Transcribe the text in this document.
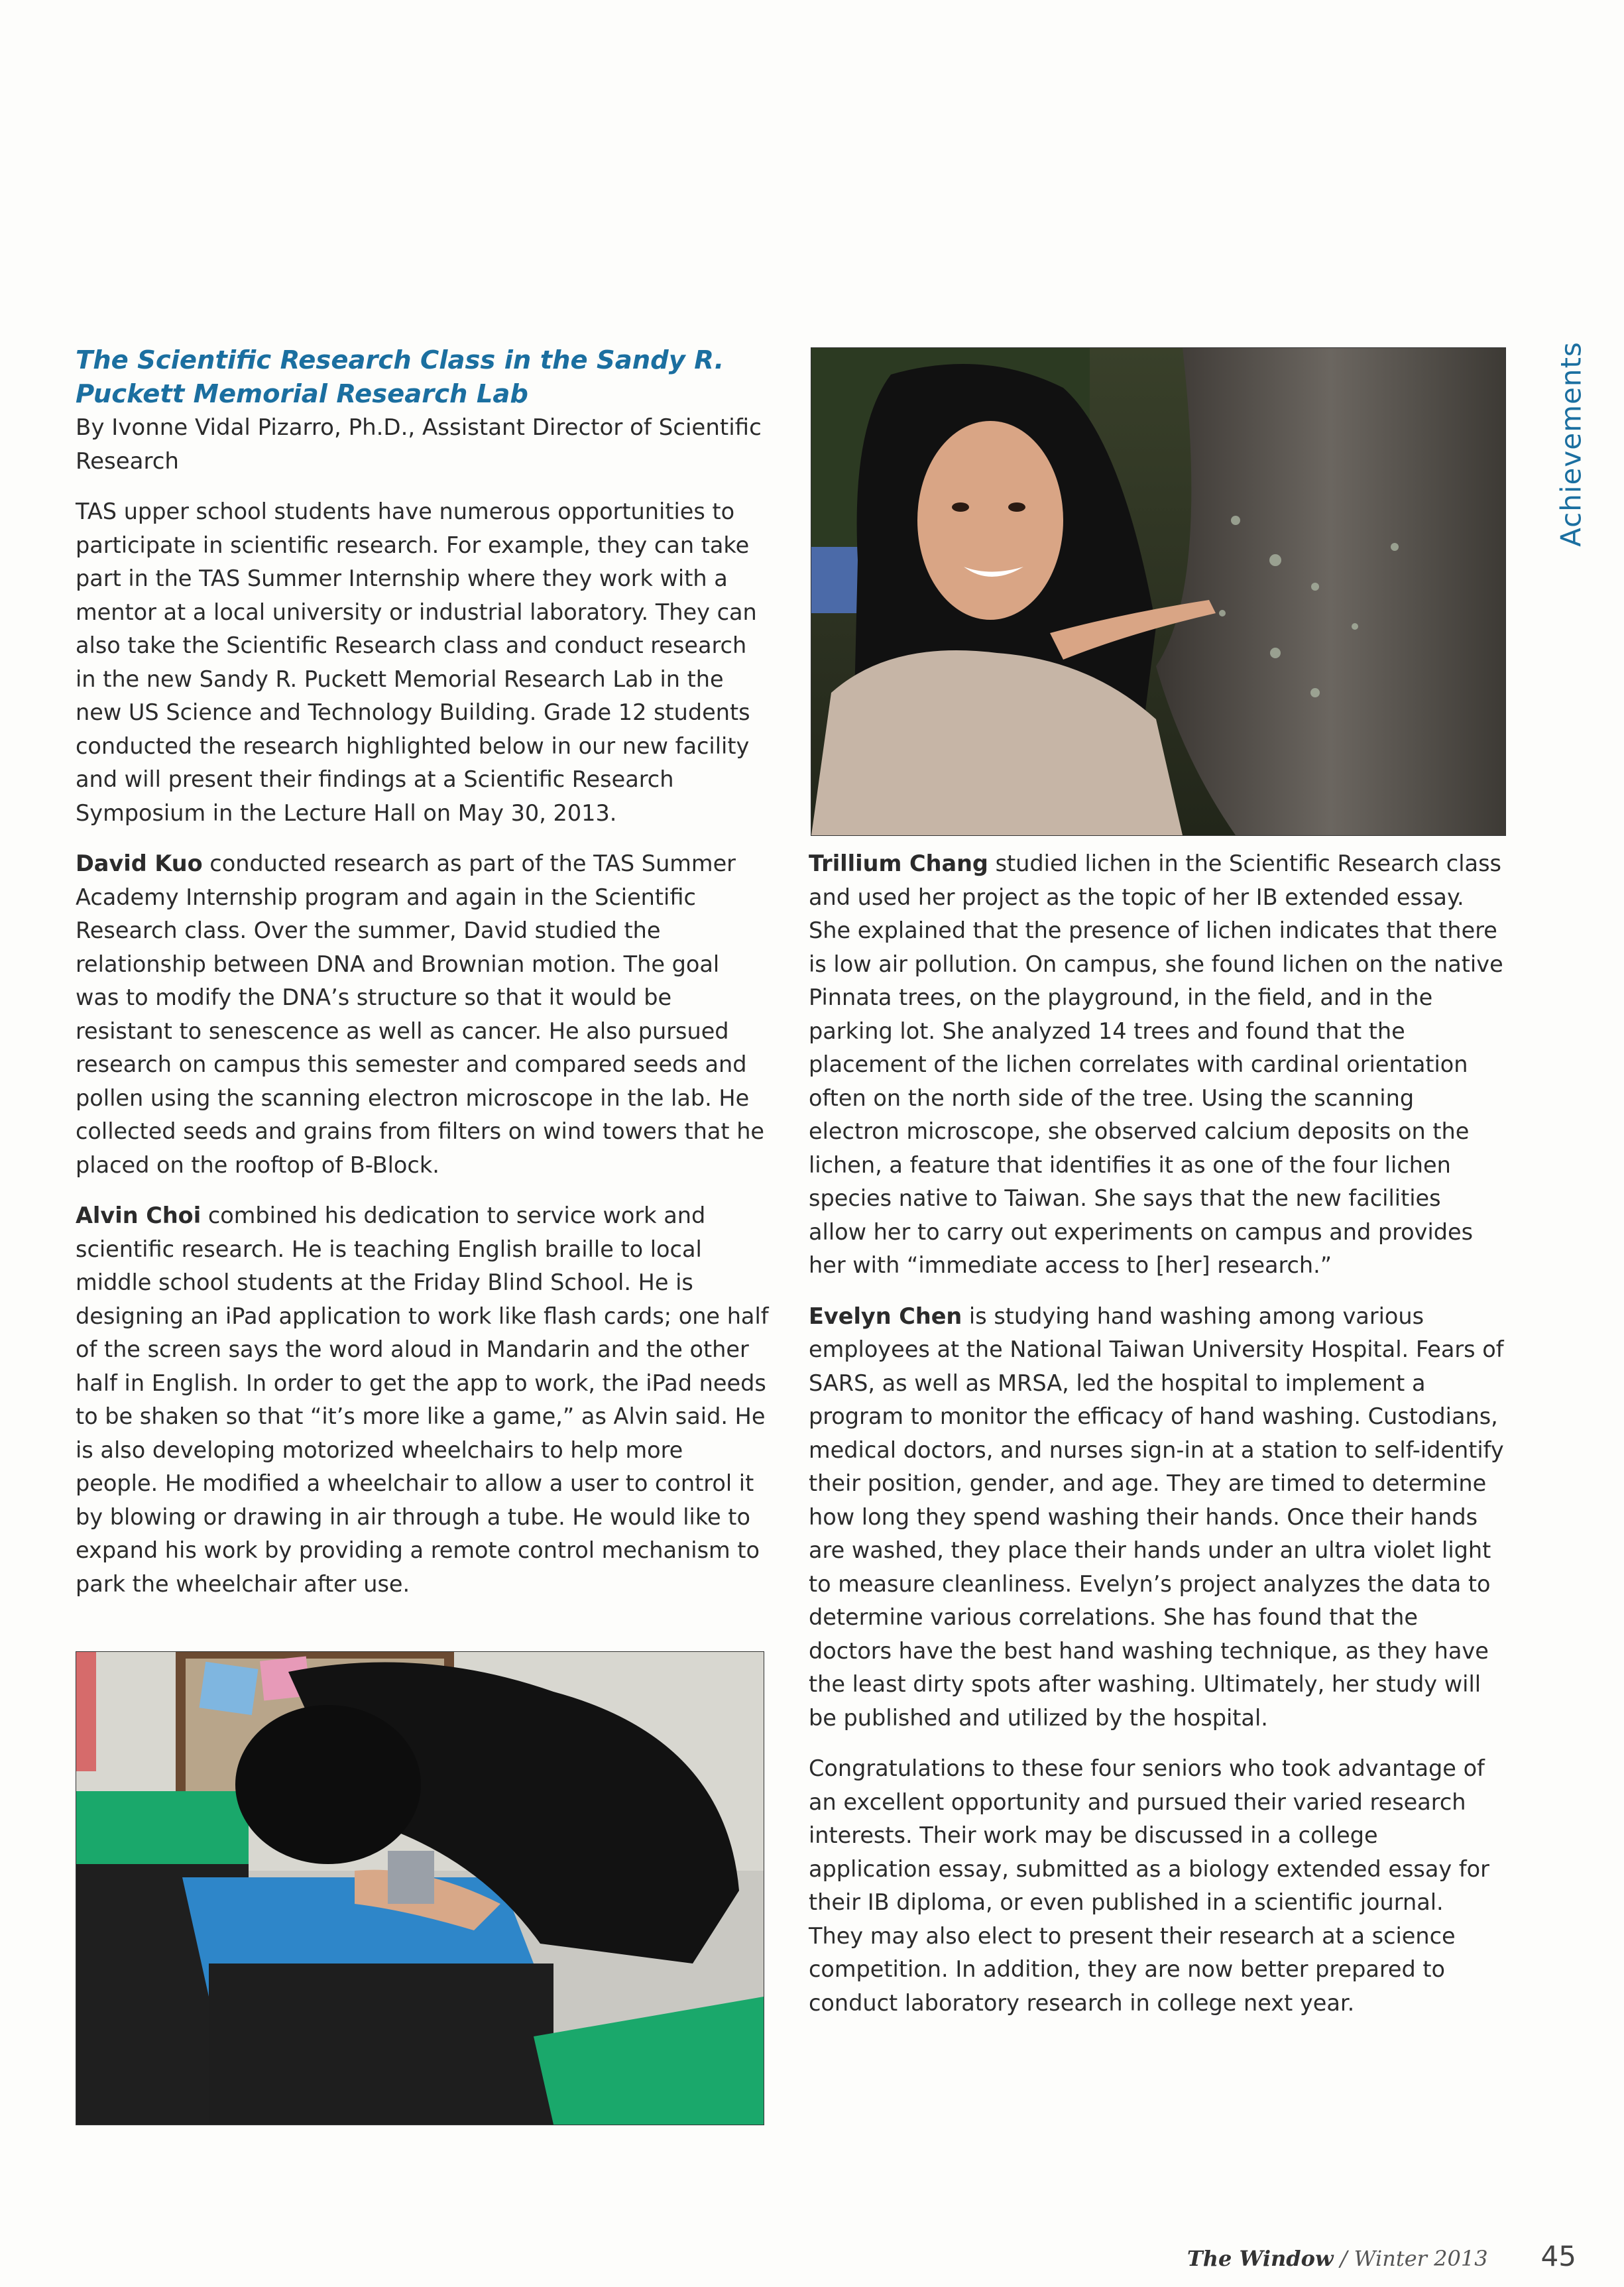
Achievements
The Scientific Research Class in the Sandy R. Puckett Memorial Research Lab

By Ivonne Vidal Pizarro, Ph.D., Assistant Director of Scientific Research

TAS upper school students have numerous opportunities to participate in scientific research. For example, they can take part in the TAS Summer Internship where they work with a mentor at a local university or industrial laboratory. They can also take the Scientific Research class and conduct research in the new Sandy R. Puckett Memorial Research Lab in the new US Science and Technology Building. Grade 12 students conducted the research highlighted below in our new facility and will present their findings at a Scientific Research Symposium in the Lecture Hall on May 30, 2013.

David Kuo conducted research as part of the TAS Summer Academy Internship program and again in the Scientific Research class. Over the summer, David studied the relationship between DNA and Brownian motion. The goal was to modify the DNA’s structure so that it would be resistant to senescence as well as cancer. He also pursued research on campus this semester and compared seeds and pollen using the scanning electron microscope in the lab. He collected seeds and grains from filters on wind towers that he placed on the rooftop of B-Block.

Alvin Choi combined his dedication to service work and scientific research. He is teaching English braille to local middle school students at the Friday Blind School. He is designing an iPad application to work like flash cards; one half of the screen says the word aloud in Mandarin and the other half in English. In order to get the app to work, the iPad needs to be shaken so that “it’s more like a game,” as Alvin said. He is also developing motorized wheelchairs to help more people. He modified a wheelchair to allow a user to control it by blowing or drawing in air through a tube. He would like to expand his work by providing a remote control mechanism to park the wheelchair after use.

Trillium Chang studied lichen in the Scientific Research class and used her project as the topic of her IB extended essay. She explained that the presence of lichen indicates that there is low air pollution. On campus, she found lichen on the native Pinnata trees, on the playground, in the field, and in the parking lot. She analyzed 14 trees and found that the placement of the lichen correlates with cardinal orientation often on the north side of the tree. Using the scanning electron microscope, she observed calcium deposits on the lichen, a feature that identifies it as one of the four lichen species native to Taiwan. She says that the new facilities allow her to carry out experiments on campus and provides her with “immediate access to [her] research.”

Evelyn Chen is studying hand washing among various employees at the National Taiwan University Hospital. Fears of SARS, as well as MRSA, led the hospital to implement a program to monitor the efficacy of hand washing. Custodians, medical doctors, and nurses sign-in at a station to self-identify their position, gender, and age. They are timed to determine how long they spend washing their hands. Once their hands are washed, they place their hands under an ultra violet light to measure cleanliness. Evelyn’s project analyzes the data to determine various correlations. She has found that the doctors have the best hand washing technique, as they have the least dirty spots after washing. Ultimately, her study will be published and utilized by the hospital.

Congratulations to these four seniors who took advantage of an excellent opportunity and pursued their varied research interests. Their work may be discussed in a college application essay, submitted as a biology extended essay for their IB diploma, or even published in a scientific journal. They may also elect to present their research at a science competition. In addition, they are now better prepared to conduct laboratory research in college next year.

The Window / Winter 2013 45
